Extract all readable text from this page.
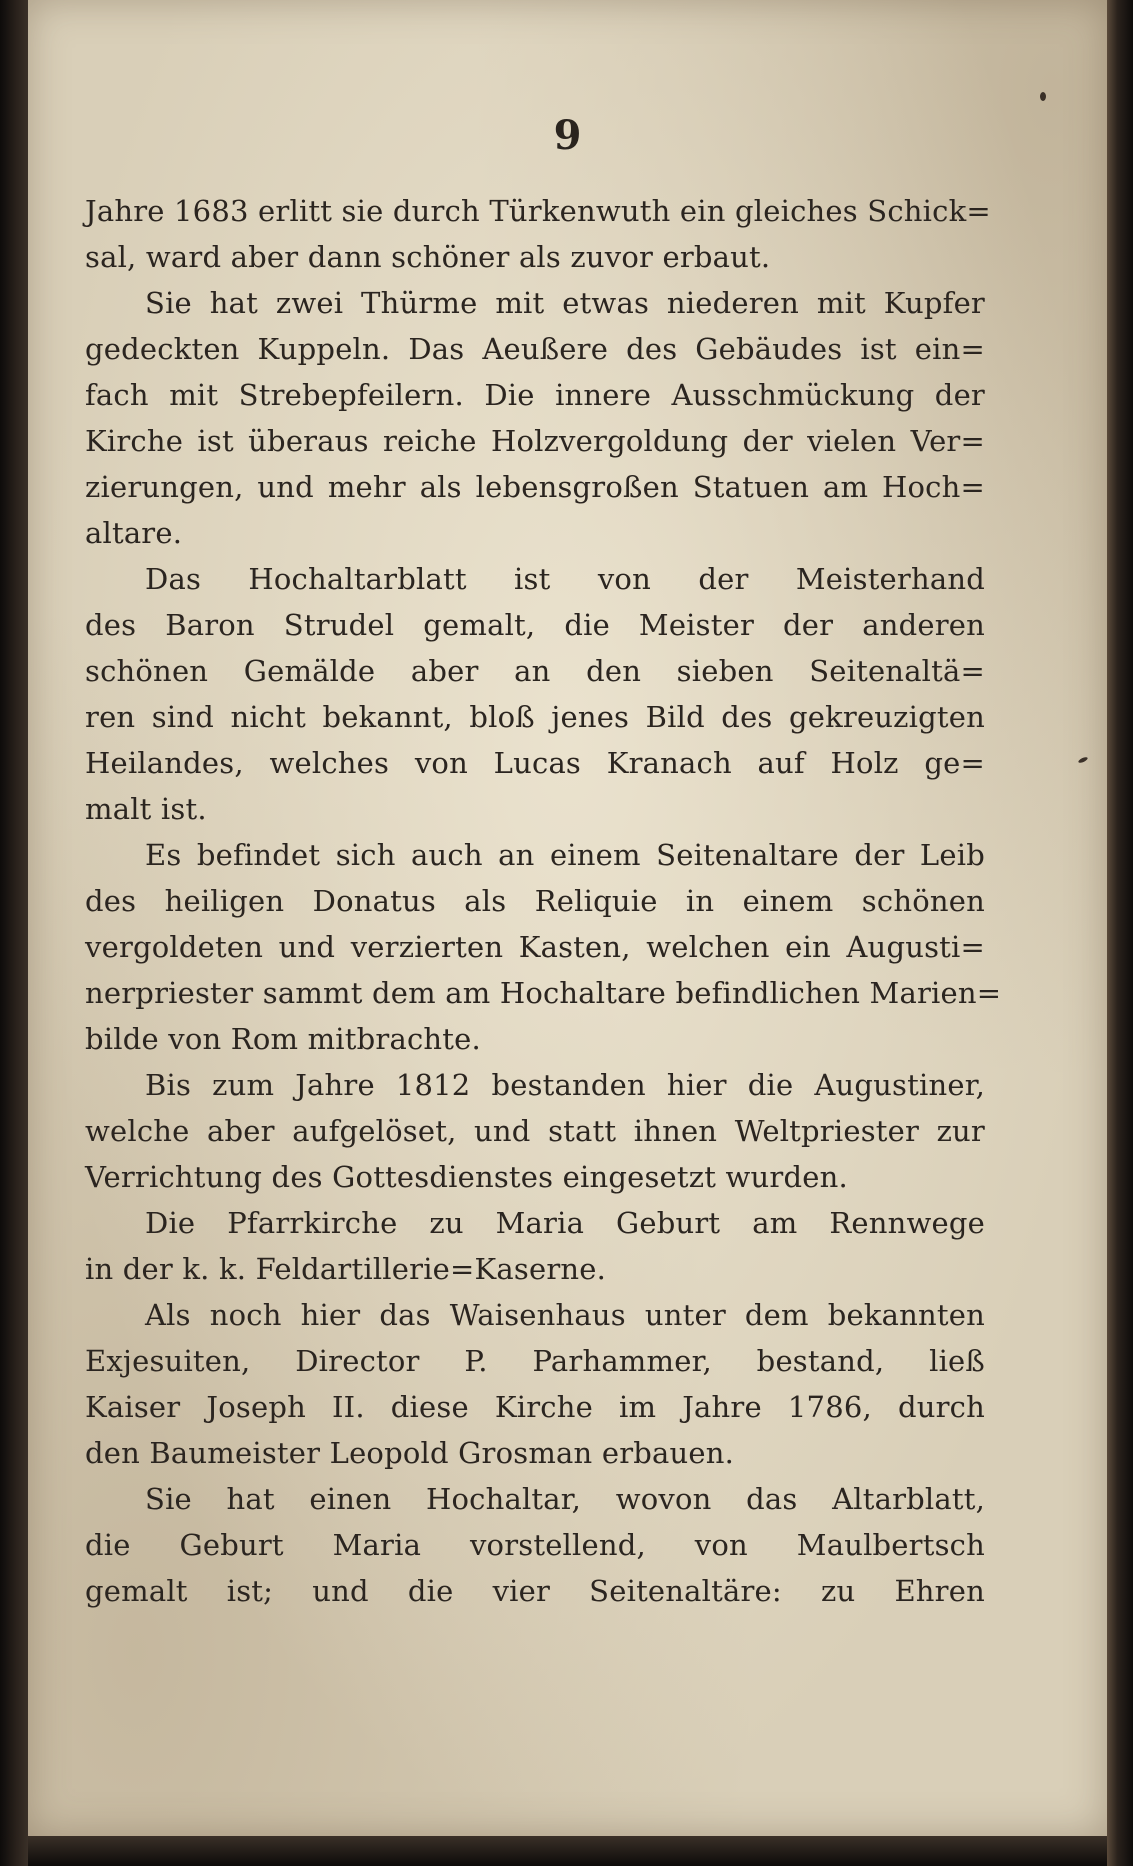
9
Jahre 1683 erlitt sie durch Türkenwuth ein gleiches Schick=
sal, ward aber dann schöner als zuvor erbaut.
Sie hat zwei Thürme mit etwas niederen mit Kupfer
gedeckten Kuppeln. Das Aeußere des Gebäudes ist ein=
fach mit Strebepfeilern. Die innere Ausschmückung der
Kirche ist überaus reiche Holzvergoldung der vielen Ver=
zierungen, und mehr als lebensgroßen Statuen am Hoch=
altare.
Das Hochaltarblatt ist von der Meisterhand
des Baron Strudel gemalt, die Meister der anderen
schönen Gemälde aber an den sieben Seitenaltä=
ren sind nicht bekannt, bloß jenes Bild des gekreuzigten
Heilandes, welches von Lucas Kranach auf Holz ge=
malt ist.
Es befindet sich auch an einem Seitenaltare der Leib
des heiligen Donatus als Reliquie in einem schönen
vergoldeten und verzierten Kasten, welchen ein Augusti=
nerpriester sammt dem am Hochaltare befindlichen Marien=
bilde von Rom mitbrachte.
Bis zum Jahre 1812 bestanden hier die Augustiner,
welche aber aufgelöset, und statt ihnen Weltpriester zur
Verrichtung des Gottesdienstes eingesetzt wurden.
Die Pfarrkirche zu Maria Geburt am Rennwege
in der k. k. Feldartillerie=Kaserne.
Als noch hier das Waisenhaus unter dem bekannten
Exjesuiten, Director P. Parhammer, bestand, ließ
Kaiser Joseph II. diese Kirche im Jahre 1786, durch
den Baumeister Leopold Grosman erbauen.
Sie hat einen Hochaltar, wovon das Altarblatt,
die Geburt Maria vorstellend, von Maulbertsch
gemalt ist; und die vier Seitenaltäre: zu Ehren
